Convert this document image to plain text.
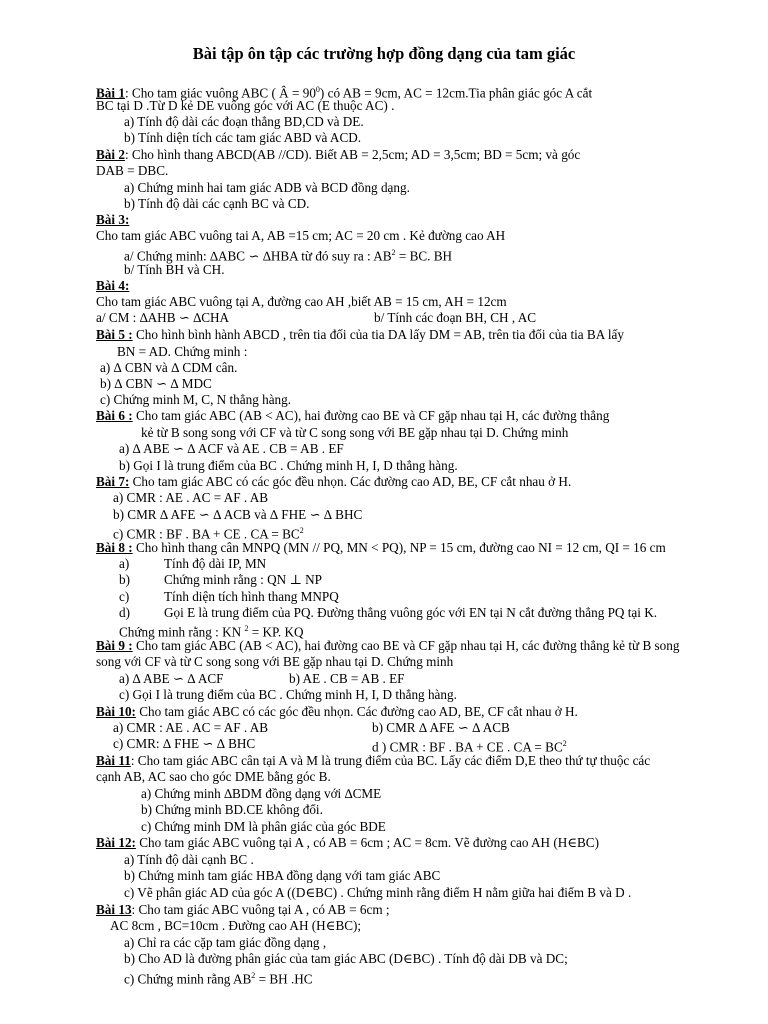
Bài tập ôn tập các trường hợp đồng dạng của tam giác
Bài 1: Cho tam giác vuông ABC ( Â = $90^0$) có AB = 9cm, AC = 12cm.Tia phân giác góc A cắt
BC tại D .Từ D kẻ DE vuông góc với AC (E thuộc AC) .
a) Tính độ dài các đoạn thẳng BD,CD và DE.
b) Tính diện tích các tam giác ABD và ACD.
Bài 2: Cho hình thang ABCD(AB //CD). Biết AB = 2,5cm; AD = 3,5cm; BD = 5cm; và góc
DAB = DBC.
a) Chứng minh hai tam giác ADB và BCD đồng dạng.
b) Tính độ dài các cạnh BC và CD.
Bài 3:
Cho tam giác ABC vuông tai A, AB =15 cm; AC = 20 cm . Kẻ đường cao AH
a/ Chứng minh: ∆ABC ∽ ∆HBA từ đó suy ra : $AB^2$ = BC. BH
b/ Tính BH và CH.
Bài 4:
Cho tam giác ABC vuông tại A, đường cao AH ,biết AB = 15 cm, AH = 12cm
a/ CM : ∆AHB ∽ ∆CHA	b/ Tính các đoạn BH, CH , AC
Bài 5 : Cho hình bình hành ABCD , trên tia đối của tia DA lấy DM = AB, trên tia đối của tia BA lấy
BN = AD. Chứng minh :
a) ∆ CBN và ∆ CDM cân.
b) ∆ CBN ∽ ∆ MDC
c) Chứng minh M, C, N thẳng hàng.
Bài 6 : Cho tam giác ABC (AB < AC), hai đường cao BE và CF gặp nhau tại H, các đường thẳng
kẻ từ B song song với CF và từ C song song với BE gặp nhau tại D. Chứng minh
a) ∆ ABE ∽ ∆ ACF và AE . CB = AB . EF
b) Gọi I là trung điểm của BC . Chứng minh H, I, D thẳng hàng.
Bài 7: Cho tam giác ABC có các góc đều nhọn. Các đường cao AD, BE, CF cắt nhau ở H.
a) CMR : AE . AC = AF . AB
b) CMR ∆ AFE ∽ ∆ ACB và ∆ FHE ∽ ∆ BHC
c) CMR : BF . BA + CE . CA = $BC^2$
Bài 8 : Cho hình thang cân MNPQ (MN // PQ, MN < PQ), NP = 15 cm, đường cao NI = 12 cm, QI = 16 cm
a)	Tính độ dài IP, MN
b)	Chứng minh rằng : QN ⊥ NP
c)	Tính diện tích hình thang MNPQ
d)	Gọi E là trung điểm của PQ. Đường thẳng vuông góc với EN tại N cắt đường thẳng PQ tại K.
Chứng minh rằng : KN $^2$ = KP. KQ
Bài 9 : Cho tam giác ABC (AB < AC), hai đường cao BE và CF gặp nhau tại H, các đường thẳng kẻ từ B song
song với CF và từ C song song với BE gặp nhau tại D. Chứng minh
a) ∆ ABE ∽ ∆ ACF	b) AE . CB = AB . EF
c) Gọi I là trung điểm của BC . Chứng minh H, I, D thẳng hàng.
Bài 10: Cho tam giác ABC có các góc đều nhọn. Các đường cao AD, BE, CF cắt nhau ở H.
a) CMR : AE . AC = AF . AB	b) CMR ∆ AFE ∽ ∆ ACB
c) CMR: ∆ FHE ∽ ∆ BHC	d ) CMR : BF . BA + CE . CA = $BC^2$
Bài 11: Cho tam giác ABC cân tại A và M là trung điểm của BC. Lấy các điểm D,E theo thứ tự thuộc các
cạnh AB, AC sao cho góc DME bằng góc B.
a) Chứng minh ∆BDM đồng dạng với ∆CME
b) Chứng minh BD.CE không đổi.
c) Chứng minh DM là phân giác của góc BDE
Bài 12: Cho tam giác ABC vuông tại A , có AB = 6cm ; AC = 8cm. Vẽ đường cao AH (H∈BC)
a) Tính độ dài cạnh BC .
b) Chứng minh tam giác HBA đồng dạng với tam giác ABC
c) Vẽ phân giác AD của góc A ((D∈BC) . Chứng minh rằng điểm H nằm giữa hai điểm B và D .
Bài 13: Cho tam giác ABC vuông tại A , có AB = 6cm ;
AC 8cm , BC=10cm . Đường cao AH (H∈BC);
a) Chỉ ra các cặp tam giác đồng dạng ,
b) Cho AD là đường phân giác của tam giác ABC (D∈BC) . Tính độ dài DB và DC;
c) Chứng minh rằng $AB^2$ = BH .HC
